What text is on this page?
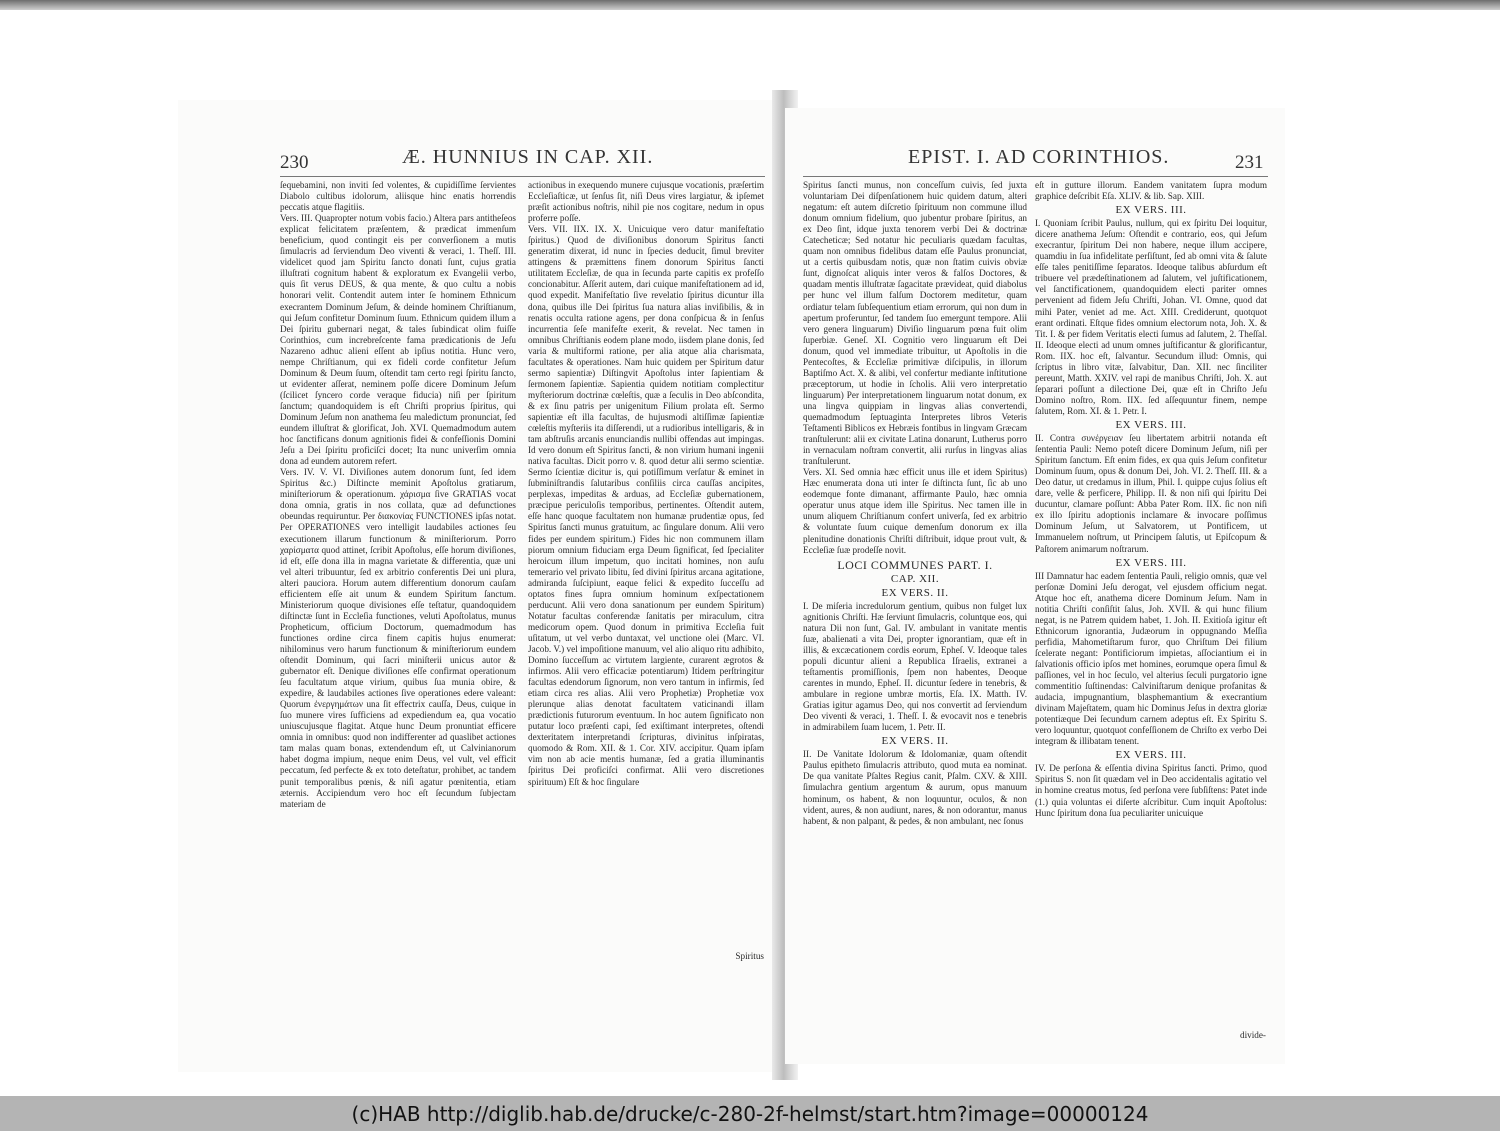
230	Æ. HUNNIUS IN CAP. XII.

ſequebamini, non inviti ſed volentes, & cupidiſſime ſervientes Diabolo cultibus idolorum, aliisque hinc enatis horrendis peccatis atque flagitiis.

Vers. III. Quapropter notum vobis facio.) Altera pars antitheſeos explicat felicitatem præſentem, & prædicat immenſum beneficium, quod contingit eis per converſionem a mutis ſimulacris ad ſerviendum Deo viventi & veraci, 1. Theſſ. III. videlicet quod jam Spiritu ſancto donati ſunt, cujus gratia illuſtrati cognitum habent & exploratum ex Evangelii verbo, quis ſit verus DEUS, & qua mente, & quo cultu a nobis honorari velit. Contendit autem inter ſe hominem Ethnicum execrantem Dominum Jeſum, & deinde hominem Chriſtianum, qui Jeſum confitetur Dominum ſuum. Ethnicum quidem illum a Dei ſpiritu gubernari negat, & tales ſubindicat olim fuiſſe Corinthios, cum increbreſcente fama prædicationis de Jeſu Nazareno adhuc alieni eſſent ab ipſius notitia. Hunc vero, nempe Chriſtianum, qui ex fideli corde confitetur Jeſum Dominum & Deum ſuum, oſtendit tam certo regi ſpiritu ſancto, ut evidenter aſſerat, neminem poſſe dicere Dominum Jeſum (ſcilicet ſyncero corde veraque fiducia) niſi per ſpiritum ſanctum; quandoquidem is eſt Chriſti proprius ſpiritus, qui Dominum Jeſum non anathema ſeu maledictum pronunciat, ſed eundem illuſtrat & glorificat, Joh. XVI. Quemadmodum autem hoc ſanctificans donum agnitionis fidei & confeſſionis Domini Jeſu a Dei ſpiritu proficiſci docet; Ita nunc univerſim omnia dona ad eundem autorem refert.

Vers. IV. V. VI. Diviſiones autem donorum ſunt, ſed idem Spiritus &c.) Diſtincte meminit Apoſtolus gratiarum, miniſteriorum & operationum. χάρισμα ſive GRATIAS vocat dona omnia, gratis in nos collata, quæ ad defunctiones obeundas requiruntur. Per διακονίας FUNCTIONES ipſas notat. Per OPERATIONES vero intelligit laudabiles actiones ſeu executionem illarum functionum & miniſteriorum. Porro χαρίσματα quod attinet, ſcribit Apoſtolus, eſſe horum diviſiones, id eſt, eſſe dona illa in magna varietate & differentia, quæ uni vel alteri tribuuntur, ſed ex arbitrio conferentis Dei uni plura, alteri pauciora. Horum autem differentium donorum cauſam efficientem eſſe ait unum & eundem Spiritum ſanctum. Ministeriorum quoque divisiones eſſe teſtatur, quandoquidem diſtinctæ ſunt in Eccleſia functiones, veluti Apoſtolatus, munus Propheticum, officium Doctorum, quemadmodum has functiones ordine circa finem capitis hujus enumerat: nihilominus vero harum functionum & miniſteriorum eundem oſtendit Dominum, qui ſacri miniſterii unicus autor & gubernator eſt. Denique diviſiones eſſe confirmat operationum ſeu facultatum atque virium, quibus ſua munia obire, & expedire, & laudabiles actiones ſive operationes edere valeant: Quorum ἐνεργημάτων una ſit effectrix cauſſa, Deus, cuique in ſuo munere vires ſufficiens ad expediendum ea, qua vocatio uniuscujusque flagitat. Atque hunc Deum pronuntiat efficere omnia in omnibus: quod non indifferenter ad quaslibet actiones tam malas quam bonas, extendendum eſt, ut Calvinianorum habet dogma impium, neque enim Deus, vel vult, vel efficit peccatum, ſed perfecte & ex toto deteſtatur, prohibet, ac tandem punit temporalibus pœnis, & niſi agatur pœnitentia, etiam æternis. Accipiendum vero hoc eſt ſecundum ſubjectam materiam de

actionibus in exequendo munere cujusque vocationis, præſertim Eccleſiaſticæ, ut ſenſus ſit, niſi Deus vires largiatur, & ipſemet præſit actionibus noſtris, nihil pie nos cogitare, nedum in opus proferre poſſe.

Vers. VII. IIX. IX. X. Unicuique vero datur manifeſtatio ſpiritus.) Quod de diviſionibus donorum Spiritus ſancti generatim dixerat, id nunc in ſpecies deducit, ſimul breviter attingens & præmittens finem donorum Spiritus ſancti utilitatem Eccleſiæ, de qua in ſecunda parte capitis ex profeſſo concionabitur. Aſſerit autem, dari cuique manifeſtationem ad id, quod expedit. Manifeſtatio ſive revelatio ſpiritus dicuntur illa dona, quibus ille Dei ſpiritus ſua natura alias inviſibilis, & in renatis occulta ratione agens, per dona conſpicua & in ſenſus incurrentia ſeſe manifeſte exerit, & revelat. Nec tamen in omnibus Chriſtianis eodem plane modo, iisdem plane donis, ſed varia & multiformi ratione, per alia atque alia charismata, facultates & operationes. Nam huic quidem per Spiritum datur sermo sapientiæ) Diſtingvit Apoſtolus inter ſapientiam & ſermonem ſapientiæ. Sapientia quidem notitiam complectitur myſteriorum doctrinæ cœleſtis, quæ a ſeculis in Deo abſcondita, & ex ſinu patris per unigenitum Filium prolata eſt. Sermo sapientiæ eſt illa facultas, de hujusmodi altiſſimæ ſapientiæ cœleſtis myſteriis ita diſſerendi, ut a rudioribus intelligaris, & in tam abſtruſis arcanis enunciandis nullibi offendas aut impingas. Id vero donum eſt Spiritus ſancti, & non virium humani ingenii nativa facultas. Dicit porro v. 8. quod detur alii sermo scientiæ. Sermo ſcientiæ dicitur is, qui potiſſimum verſatur & eminet in ſubminiſtrandis ſalutaribus conſiliis circa cauſſas ancipites, perplexas, impeditas & arduas, ad Eccleſiæ gubernationem, præcipue periculoſis temporibus, pertinentes. Oſtendit autem, eſſe hanc quoque facultatem non humanæ prudentiæ opus, ſed Spiritus ſancti munus gratuitum, ac ſingulare donum. Alii vero fides per eundem spiritum.) Fides hic non communem illam piorum omnium fiduciam erga Deum ſignificat, ſed ſpecialiter heroicum illum impetum, quo incitati homines, non auſu temerario vel privato libitu, ſed divini ſpiritus arcana agitatione, admiranda ſuſcipiunt, eaque felici & expedito ſucceſſu ad optatos fines ſupra omnium hominum exſpectationem perducunt. Alii vero dona sanationum per eundem Spiritum) Notatur facultas conferendæ ſanitatis per miraculum, citra medicorum opem. Quod donum in primitiva Eccleſia fuit uſitatum, ut vel verbo duntaxat, vel unctione olei (Marc. VI. Jacob. V.) vel impoſitione manuum, vel alio aliquo ritu adhibito, Domino ſucceſſum ac virtutem largiente, curarent ægrotos & infirmos. Alii vero efficaciæ potentiarum) Itidem perſtringitur facultas edendorum ſignorum, non vero tantum in infirmis, ſed etiam circa res alias. Alii vero Prophetiæ) Prophetiæ vox plerunque alias denotat facultatem vaticinandi illam prædictionis futurorum eventuum. In hoc autem ſignificato non putatur loco præſenti capi, ſed exiſtimant interpretes, oſtendi dexteritatem interpretandi ſcripturas, divinitus inſpiratas, quomodo & Rom. XII. & 1. Cor. XIV. accipitur. Quam ipſam vim non ab acie mentis humanæ, ſed a gratia illuminantis ſpiritus Dei proficiſci confirmat. Alii vero discretiones spirituum) Eſt & hoc ſingulare

Spiritus
EPIST. I. AD CORINTHIOS.	231

Spiritus ſancti munus, non conceſſum cuivis, ſed juxta voluntariam Dei diſpenſationem huic quidem datum, alteri negatum: eſt autem diſcretio ſpirituum non commune illud donum omnium fidelium, quo jubentur probare ſpiritus, an ex Deo ſint, idque juxta tenorem verbi Dei & doctrinæ Catecheticæ; Sed notatur hic peculiaris quædam facultas, quam non omnibus fidelibus datam eſſe Paulus pronunciat, ut a certis quibusdam notis, quæ non ſtatim cuivis obviæ ſunt, dignoſcat aliquis inter veros & falſos Doctores, & quadam mentis illuſtratæ ſagacitate prævideat, quid diabolus per hunc vel illum falſum Doctorem meditetur, quam ordiatur telam ſubſequentium etiam errorum, qui non dum in apertum proferuntur, ſed tandem ſuo emergunt tempore. Alii vero genera linguarum) Diviſio linguarum pœna fuit olim ſuperbiæ. Geneſ. XI. Cognitio vero linguarum eſt Dei donum, quod vel immediate tribuitur, ut Apoſtolis in die Pentecoſtes, & Eccleſiæ primitivæ diſcipulis, in illorum Baptiſmo Act. X. & alibi, vel confertur mediante inſtitutione præceptorum, ut hodie in ſcholis. Alii vero interpretatio linguarum) Per interpretationem linguarum notat donum, ex una lingva quippiam in lingvas alias convertendi, quemadmodum ſeptuaginta Interpretes libros Veteris Teſtamenti Biblicos ex Hebræis fontibus in lingvam Græcam tranſtulerunt: alii ex civitate Latina donarunt, Lutherus porro in vernaculam noſtram convertit, alii rurſus in lingvas alias tranſtulerunt.

Vers. XI. Sed omnia hæc efficit unus ille et idem Spiritus) Hæc enumerata dona uti inter ſe diſtincta ſunt, ſic ab uno eodemque fonte dimanant, affirmante Paulo, hæc omnia operatur unus atque idem ille Spiritus. Nec tamen ille in unum aliquem Chriſtianum confert univerſa, ſed ex arbitrio & voluntate ſuum cuique demenſum donorum ex illa plenitudine donationis Chriſti diſtribuit, idque prout vult, & Eccleſiæ ſuæ prodeſſe novit.

LOCI COMMUNES PART. I.
CAP. XII.
EX VERS. II.

I. De miſeria incredulorum gentium, quibus non fulget lux agnitionis Chriſti. Hæ ſerviunt ſimulacris, coluntque eos, qui natura Dii non ſunt, Gal. IV. ambulant in vanitate mentis ſuæ, abalienati a vita Dei, propter ignorantiam, quæ eſt in illis, & excæcationem cordis eorum, Epheſ. V. Ideoque tales populi dicuntur alieni a Republica Iſraelis, extranei a teſtamentis promiſſionis, ſpem non habentes, Deoque carentes in mundo, Epheſ. II. dicuntur ſedere in tenebris, & ambulare in regione umbræ mortis, Eſa. IX. Matth. IV. Gratias igitur agamus Deo, qui nos convertit ad ſerviendum Deo viventi & veraci, 1. Theſſ. I. & evocavit nos e tenebris in admirabilem ſuam lucem, 1. Petr. II.

EX VERS. II.

II. De Vanitate Idolorum & Idolomaniæ, quam oſtendit Paulus epitheto ſimulacris attributo, quod muta ea nominat. De qua vanitate Pſaltes Regius canit, Pſalm. CXV. & XIII. ſimulachra gentium argentum & aurum, opus manuum hominum, os habent, & non loquuntur, oculos, & non vident, aures, & non audiunt, nares, & non odorantur, manus habent, & non palpant, & pedes, & non ambulant, nec ſonus

eſt in gutture illorum. Eandem vanitatem ſupra modum graphice deſcribit Eſa. XLIV. & lib. Sap. XIII.

EX VERS. III.

I. Quoniam ſcribit Paulus, nullum, qui ex ſpiritu Dei loquitur, dicere anathema Jeſum: Oſtendit e contrario, eos, qui Jeſum execrantur, ſpiritum Dei non habere, neque illum accipere, quamdiu in ſua infidelitate perſiſtunt, ſed ab omni vita & ſalute eſſe tales penitiſſime ſeparatos. Ideoque talibus abſurdum eſt tribuere vel prædeſtinationem ad ſalutem, vel juſtificationem, vel ſanctificationem, quandoquidem electi pariter omnes pervenient ad fidem Jeſu Chriſti, Johan. VI. Omne, quod dat mihi Pater, veniet ad me. Act. XIII. Crediderunt, quotquot erant ordinati. Eſtque fides omnium electorum nota, Joh. X. & Tit. I. & per fidem Veritatis electi ſumus ad ſalutem, 2. Theſſal. II. Ideoque electi ad unum omnes juſtificantur & glorificantur, Rom. IIX. hoc eſt, ſalvantur. Secundum illud: Omnis, qui ſcriptus in libro vitæ, ſalvabitur, Dan. XII. nec ſinciliter pereunt, Matth. XXIV. vel rapi de manibus Chriſti, Joh. X. aut ſeparari poſſunt a dilectione Dei, quæ eſt in Chriſto Jeſu Domino noſtro, Rom. IIX. ſed aſſequuntur finem, nempe ſalutem, Rom. XI. & 1. Petr. I.

EX VERS. III.

II. Contra συνέργειαν ſeu libertatem arbitrii notanda eſt ſententia Pauli: Nemo poteſt dicere Dominum Jeſum, niſi per Spiritum ſanctum. Eſt enim fides, ex qua quis Jeſum confitetur Dominum ſuum, opus & donum Dei, Joh. VI. 2. Theſſ. III. & a Deo datur, ut credamus in illum, Phil. I. quippe cujus ſolius eſt dare, velle & perficere, Philipp. II. & non niſi qui ſpiritu Dei ducuntur, clamare poſſunt: Abba Pater Rom. IIX. ſic non niſi ex illo ſpiritu adoptionis inclamare & invocare poſſimus Dominum Jeſum, ut Salvatorem, ut Pontificem, ut Immanuelem noſtrum, ut Principem ſalutis, ut Epiſcopum & Paſtorem animarum noſtrarum.

EX VERS. III.

III Damnatur hac eadem ſententia Pauli, religio omnis, quæ vel perſonæ Domini Jeſu derogat, vel ejusdem officium negat. Atque hoc eſt, anathema dicere Dominum Jeſum. Nam in notitia Chriſti conſiſtit ſalus, Joh. XVII. & qui hunc filium negat, is ne Patrem quidem habet, 1. Joh. II. Exitioſa igitur eſt Ethnicorum ignorantia, Judæorum in oppugnando Meſſia perfidia, Mahometiſtarum furor, quo Chriſtum Dei filium ſcelerate negant: Pontificiorum impietas, aſſociantium ei in ſalvationis officio ipſos met homines, eorumque opera ſimul & paſſiones, vel in hoc ſeculo, vel alterius ſeculi purgatorio igne commentitio ſuſtinendas: Calviniſtarum denique profanitas & audacia, impugnantium, blasphemantium & execrantium divinam Majeſtatem, quam hic Dominus Jeſus in dextra gloriæ potentiæque Dei ſecundum carnem adeptus eſt. Ex Spiritu S. vero loquuntur, quotquot confeſſionem de Chriſto ex verbo Dei integram & illibatam tenent.

EX VERS. III.

IV. De perſona & eſſentia divina Spiritus ſancti. Primo, quod Spiritus S. non ſit quædam vel in Deo accidentalis agitatio vel in homine creatus motus, ſed perſona vere ſubſiſtens: Patet inde (1.) quia voluntas ei diſerte aſcribitur. Cum inquit Apoſtolus: Hunc ſpiritum dona ſua peculiariter unicuique

divide-
(c)HAB http://diglib.hab.de/drucke/c-280-2f-helmst/start.htm?image=00000124
